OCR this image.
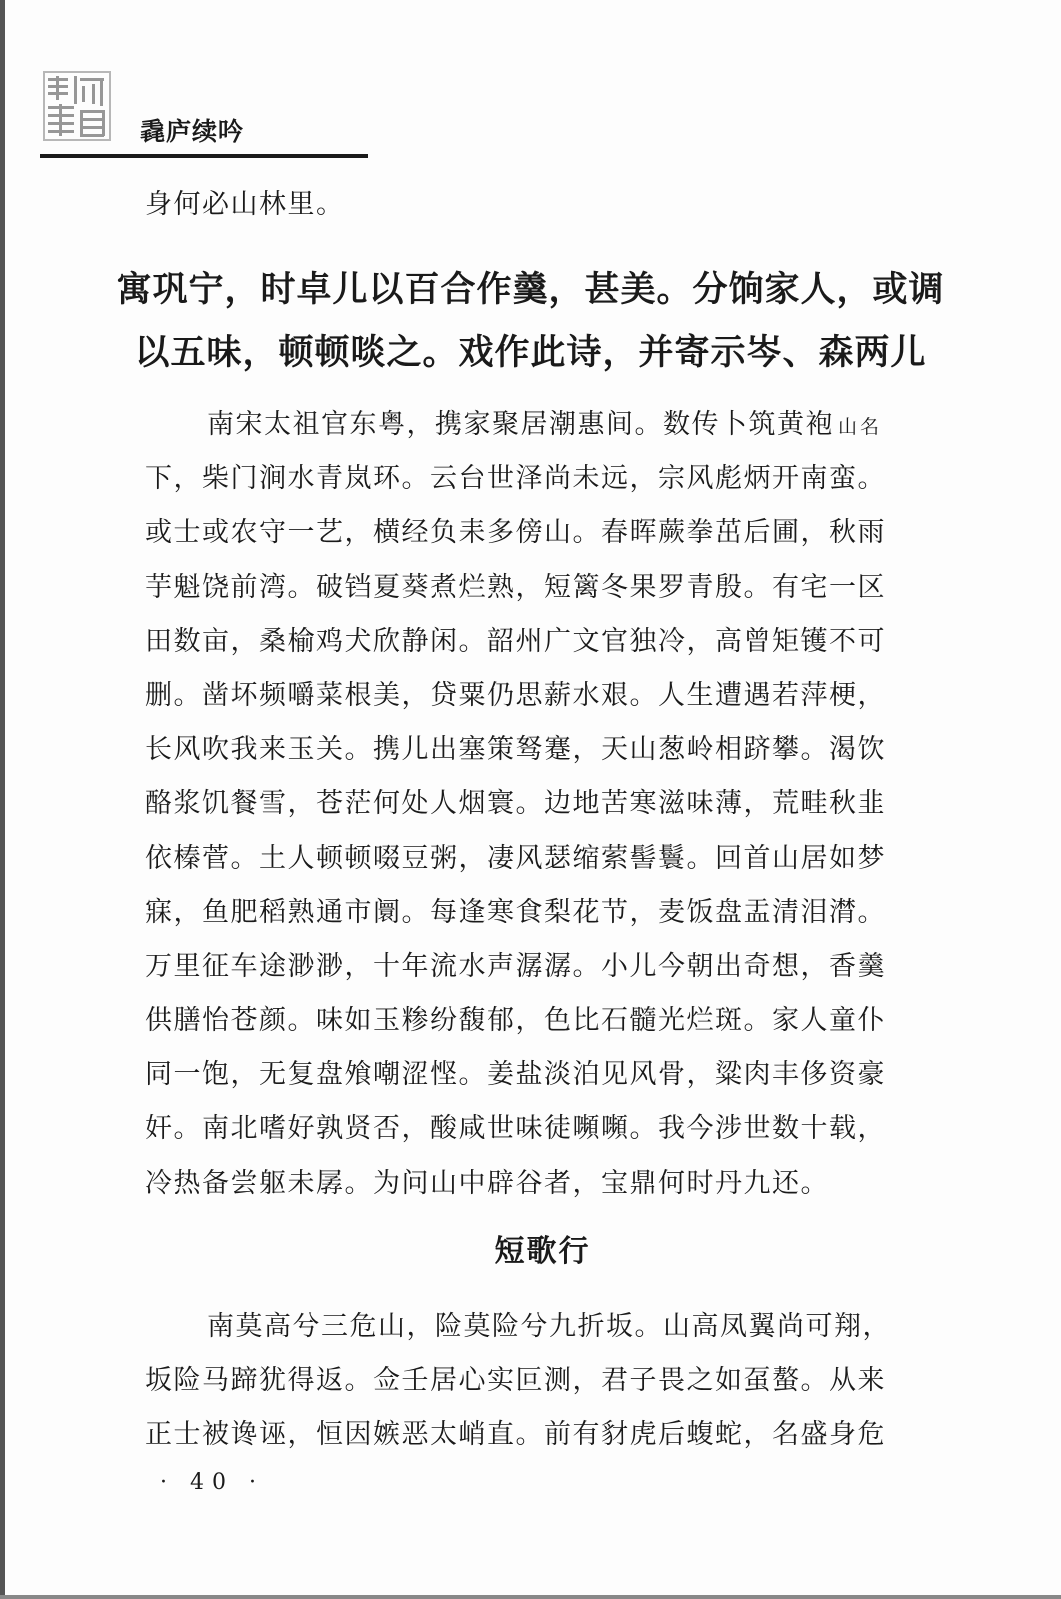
毳庐续吟
身何必山林里。
寓巩宁，时卓儿以百合作羹，甚美。分饷家人，或调
以五味，顿顿啖之。戏作此诗，并寄示岑、森两儿
南宋太祖官东粤，携家聚居潮惠间。数传卜筑黄袍 山名
下，柴门涧水青岚环。云台世泽尚未远，宗风彪炳开南蛮。
或士或农守一艺，横经负耒多傍山。春晖蕨拳茁后圃，秋雨
芋魁饶前湾。破铛夏葵煮烂熟，短篱冬果罗青殷。有宅一区
田数亩，桑榆鸡犬欣静闲。韶州广文官独冷，高曾矩镬不可
删。凿坏频嚼菜根美，贷粟仍思薪水艰。人生遭遇若萍梗，
长风吹我来玉关。携儿出塞策驽蹇，天山葱岭相跻攀。渴饮
酪浆饥餐雪，苍茫何处人烟寰。边地苦寒滋味薄，荒畦秋韭
依榛菅。土人顿顿啜豆粥，凄风瑟缩萦髻鬟。回首山居如梦
寐，鱼肥稻熟通市阛。每逢寒食梨花节，麦饭盘盂清泪潸。
万里征车途渺渺，十年流水声潺潺。小儿今朝出奇想，香羹
供膳怡苍颜。味如玉糁纷馥郁，色比石髓光烂斑。家人童仆
同一饱，无复盘飧嘲涩悭。姜盐淡泊见风骨，粱肉丰侈资豪
奸。南北嗜好孰贤否，酸咸世味徒嚬嚬。我今涉世数十载，
冷热备尝躯未孱。为问山中辟谷者，宝鼎何时丹九还。
短歌行
南莫高兮三危山，险莫险兮九折坂。山高凤翼尚可翔，
坂险马蹄犹得返。佥壬居心实叵测，君子畏之如虿螯。从来
正士被谗诬，恒因嫉恶太峭直。前有豺虎后蝮蛇，名盛身危
· 40 ·
